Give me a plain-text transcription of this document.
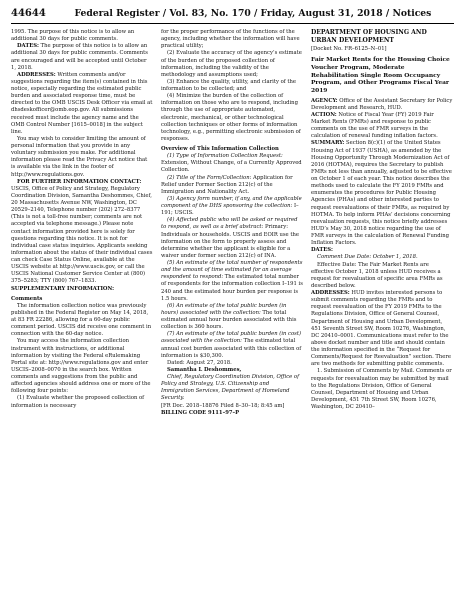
44644	Federal Register / Vol. 83, No. 170 / Friday, August 31, 2018 / Notices

1995. The purpose of this notice is to allow an additional 30 days for public comments.

DATES: The purpose of this notice is to allow an additional 30 days for public comments. Comments are encouraged and will be accepted until October 1, 2018.

ADDRESSES: Written comments and/or suggestions regarding the item(s) contained in this notice, especially regarding the estimated public burden and associated response time, must be directed to the OMB USCIS Desk Officer via email at dhsdeskofficer@omb.eop.gov. All submissions received must include the agency name and the OMB Control Number [1615–0018] in the subject line.

You may wish to consider limiting the amount of personal information that you provide in any voluntary submission you make. For additional information please read the Privacy Act notice that is available via the link in the footer of http://www.regulations.gov.

FOR FURTHER INFORMATION CONTACT: USCIS, Office of Policy and Strategy, Regulatory Coordination Division, Samantha Deshommes, Chief, 20 Massachusetts Avenue NW, Washington, DC 20529–2140, Telephone number (202) 272–8377 (This is not a toll-free number; comments are not accepted via telephone message.) Please note contact information provided here is solely for questions regarding this notice. It is not for individual case status inquiries. Applicants seeking information about the status of their individual cases can check Case Status Online, available at the USCIS website at http://www.uscis.gov, or call the USCIS National Customer Service Center at (800) 375–5283; TTY (800) 767–1833.

SUPPLEMENTARY INFORMATION:

Comments

The information collection notice was previously published in the Federal Register on May 14, 2018, at 83 FR 22286, allowing for a 60-day public comment period. USCIS did receive one comment in connection with the 60-day notice.

You may access the information collection instrument with instructions, or additional information by visiting the Federal eRulemaking Portal site at: http://www.regulations.gov and enter USCIS–2008–0070 in the search box. Written comments and suggestions from the public and affected agencies should address one or more of the following four points:

(1) Evaluate whether the proposed collection of information is necessary

for the proper performance of the functions of the agency, including whether the information will have practical utility;

(2) Evaluate the accuracy of the agency’s estimate of the burden of the proposed collection of information, including the validity of the methodology and assumptions used;

(3) Enhance the quality, utility, and clarity of the information to be collected; and

(4) Minimize the burden of the collection of information on those who are to respond, including through the use of appropriate automated, electronic, mechanical, or other technological collection techniques or other forms of information technology, e.g., permitting electronic submission of responses.

Overview of This Information Collection

(1) Type of Information Collection Request: Extension, Without Change, of a Currently Approved Collection.

(2) Title of the Form/Collection: Application for Relief under Former Section 212(c) of the Immigration and Nationality Act.

(3) Agency form number, if any, and the applicable component of the DHS sponsoring the collection: I–191; USCIS.

(4) Affected public who will be asked or required to respond, as well as a brief abstract: Primary: Individuals or households. USCIS and EOIR use the information on the form to properly assess and determine whether the applicant is eligible for a waiver under former section 212(c) of INA.

(5) An estimate of the total number of respondents and the amount of time estimated for an average respondent to respond: The estimated total number of respondents for the information collection I–191 is 240 and the estimated hour burden per response is 1.5 hours.

(6) An estimate of the total public burden (in hours) associated with the collection: The total estimated annual hour burden associated with this collection is 360 hours.

(7) An estimate of the total public burden (in cost) associated with the collection: The estimated total annual cost burden associated with this collection of information is $30,300.

Dated: August 27, 2018.

Samantha L Deshommes,

Chief, Regulatory Coordination Division, Office of Policy and Strategy, U.S. Citizenship and Immigration Services, Department of Homeland Security.

[FR Doc. 2018–18876 Filed 8–30–18; 8:45 am]

BILLING CODE 9111–97–P

DEPARTMENT OF HOUSING AND URBAN DEVELOPMENT

[Docket No. FR–6125–N–01]

Fair Market Rents for the Housing Choice Voucher Program, Moderate Rehabilitation Single Room Occupancy Program, and Other Programs Fiscal Year 2019

AGENCY: Office of the Assistant Secretary for Policy Development and Research, HUD.

ACTION: Notice of Fiscal Year (FY) 2019 Fair Market Rents (FMRs) and response to public comments on the use of FMR surveys in the calculation of renewal funding inflation factors.

SUMMARY: Section 8(c)(1) of the United States Housing Act of 1937 (USHA), as amended by the Housing Opportunity Through Modernization Act of 2016 (HOTMA), requires the Secretary to publish FMRs not less than annually, adjusted to be effective on October 1 of each year. This notice describes the methods used to calculate the FY 2019 FMRs and enumerates the procedures for Public Housing Agencies (PHAs) and other interested parties to request reevaluations of their FMRs, as required by HOTMA. To help inform PHAs’ decisions concerning reevaluation requests, this notice briefly addresses HUD’s May 30, 2018 notice regarding the use of FMR surveys in the calculation of Renewal Funding Inflation Factors.

DATES:

Comment Due Date: October 1, 2018.

Effective Date: The Fair Market Rents are effective October 1, 2018 unless HUD receives a request for reevaluation of specific area FMRs as described below.

ADDRESSES: HUD invites interested persons to submit comments regarding the FMRs and to request reevaluation of the FY 2019 FMRs to the Regulations Division, Office of General Counsel, Department of Housing and Urban Development, 451 Seventh Street SW, Room 10276, Washington, DC 20410–0001. Communications must refer to the above docket number and title and should contain the information specified in the “Request for Comments/Request for Reevaluation” section. There are two methods for submitting public comments.

1. Submission of Comments by Mail. Comments or requests for reevaluation may be submitted by mail to the Regulations Division, Office of General Counsel, Department of Housing and Urban Development, 451 7th Street SW, Room 10276, Washington, DC 20410–
